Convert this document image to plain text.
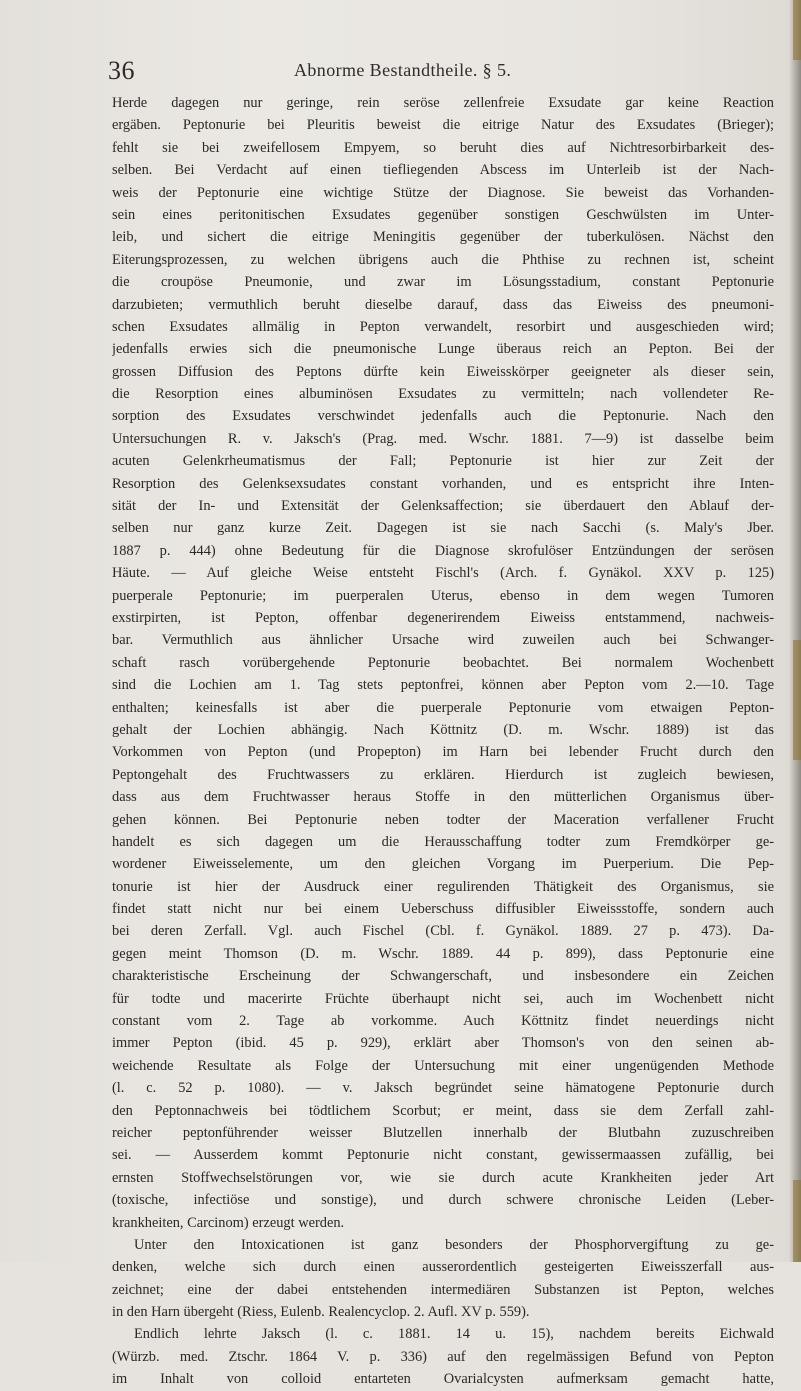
36	Abnorme Bestandtheile. § 5.
Herde dagegen nur geringe, rein seröse zellenfreie Exsudate gar keine Reaction
ergäben. Peptonurie bei Pleuritis beweist die eitrige Natur des Exsudates (Brieger);
fehlt sie bei zweifellosem Empyem, so beruht dies auf Nichtresorbirbarkeit des-
selben. Bei Verdacht auf einen tiefliegenden Abscess im Unterleib ist der Nach-
weis der Peptonurie eine wichtige Stütze der Diagnose. Sie beweist das Vorhanden-
sein eines peritonitischen Exsudates gegenüber sonstigen Geschwülsten im Unter-
leib, und sichert die eitrige Meningitis gegenüber der tuberkulösen. Nächst den
Eiterungsprozessen, zu welchen übrigens auch die Phthise zu rechnen ist, scheint
die croupöse Pneumonie, und zwar im Lösungsstadium, constant Peptonurie
darzubieten; vermuthlich beruht dieselbe darauf, dass das Eiweiss des pneumoni-
schen Exsudates allmälig in Pepton verwandelt, resorbirt und ausgeschieden wird;
jedenfalls erwies sich die pneumonische Lunge überaus reich an Pepton. Bei der
grossen Diffusion des Peptons dürfte kein Eiweisskörper geeigneter als dieser sein,
die Resorption eines albuminösen Exsudates zu vermitteln; nach vollendeter Re-
sorption des Exsudates verschwindet jedenfalls auch die Peptonurie. Nach den
Untersuchungen R. v. Jaksch's (Prag. med. Wschr. 1881. 7—9) ist dasselbe beim
acuten Gelenkrheumatismus der Fall; Peptonurie ist hier zur Zeit der
Resorption des Gelenksexsudates constant vorhanden, und es entspricht ihre Inten-
sität der In- und Extensität der Gelenksaffection; sie überdauert den Ablauf der-
selben nur ganz kurze Zeit. Dagegen ist sie nach Sacchi (s. Maly's Jber.
1887 p. 444) ohne Bedeutung für die Diagnose skrofulöser Entzündungen der serösen
Häute. — Auf gleiche Weise entsteht Fischl's (Arch. f. Gynäkol. XXV p. 125)
puerperale Peptonurie; im puerperalen Uterus, ebenso in dem wegen Tumoren
exstirpirten, ist Pepton, offenbar degenerirendem Eiweiss entstammend, nachweis-
bar. Vermuthlich aus ähnlicher Ursache wird zuweilen auch bei Schwanger-
schaft rasch vorübergehende Peptonurie beobachtet. Bei normalem Wochenbett
sind die Lochien am 1. Tag stets peptonfrei, können aber Pepton vom 2.—10. Tage
enthalten; keinesfalls ist aber die puerperale Peptonurie vom etwaigen Pepton-
gehalt der Lochien abhängig. Nach Köttnitz (D. m. Wschr. 1889) ist das
Vorkommen von Pepton (und Propepton) im Harn bei lebender Frucht durch den
Peptongehalt des Fruchtwassers zu erklären. Hierdurch ist zugleich bewiesen,
dass aus dem Fruchtwasser heraus Stoffe in den mütterlichen Organismus über-
gehen können. Bei Peptonurie neben todter der Maceration verfallener Frucht
handelt es sich dagegen um die Herausschaffung todter zum Fremdkörper ge-
wordener Eiweisselemente, um den gleichen Vorgang im Puerperium. Die Pep-
tonurie ist hier der Ausdruck einer regulirenden Thätigkeit des Organismus, sie
findet statt nicht nur bei einem Ueberschuss diffusibler Eiweissstoffe, sondern auch
bei deren Zerfall. Vgl. auch Fischel (Cbl. f. Gynäkol. 1889. 27 p. 473). Da-
gegen meint Thomson (D. m. Wschr. 1889. 44 p. 899), dass Peptonurie eine
charakteristische Erscheinung der Schwangerschaft, und insbesondere ein Zeichen
für todte und macerirte Früchte überhaupt nicht sei, auch im Wochenbett nicht
constant vom 2. Tage ab vorkomme. Auch Köttnitz findet neuerdings nicht
immer Pepton (ibid. 45 p. 929), erklärt aber Thomson's von den seinen ab-
weichende Resultate als Folge der Untersuchung mit einer ungenügenden Methode
(l. c. 52 p. 1080). — v. Jaksch begründet seine hämatogene Peptonurie durch
den Peptonnachweis bei tödtlichem Scorbut; er meint, dass sie dem Zerfall zahl-
reicher peptonführender weisser Blutzellen innerhalb der Blutbahn zuzuschreiben
sei. — Ausserdem kommt Peptonurie nicht constant, gewissermaassen zufällig, bei
ernsten Stoffwechselstörungen vor, wie sie durch acute Krankheiten jeder Art
(toxische, infectiöse und sonstige), und durch schwere chronische Leiden (Leber-
krankheiten, Carcinom) erzeugt werden.
Unter den Intoxicationen ist ganz besonders der Phosphorvergiftung zu ge-
denken, welche sich durch einen ausserordentlich gesteigerten Eiweisszerfall aus-
zeichnet; eine der dabei entstehenden intermediären Substanzen ist Pepton, welches
in den Harn übergeht (Riess, Eulenb. Realencyclop. 2. Aufl. XV p. 559).
Endlich lehrte Jaksch (l. c. 1881. 14 u. 15), nachdem bereits Eichwald
(Würzb. med. Ztschr. 1864 V. p. 336) auf den regelmässigen Befund von Pepton
im Inhalt von colloid entarteten Ovarialcysten aufmerksam gemacht hatte,
